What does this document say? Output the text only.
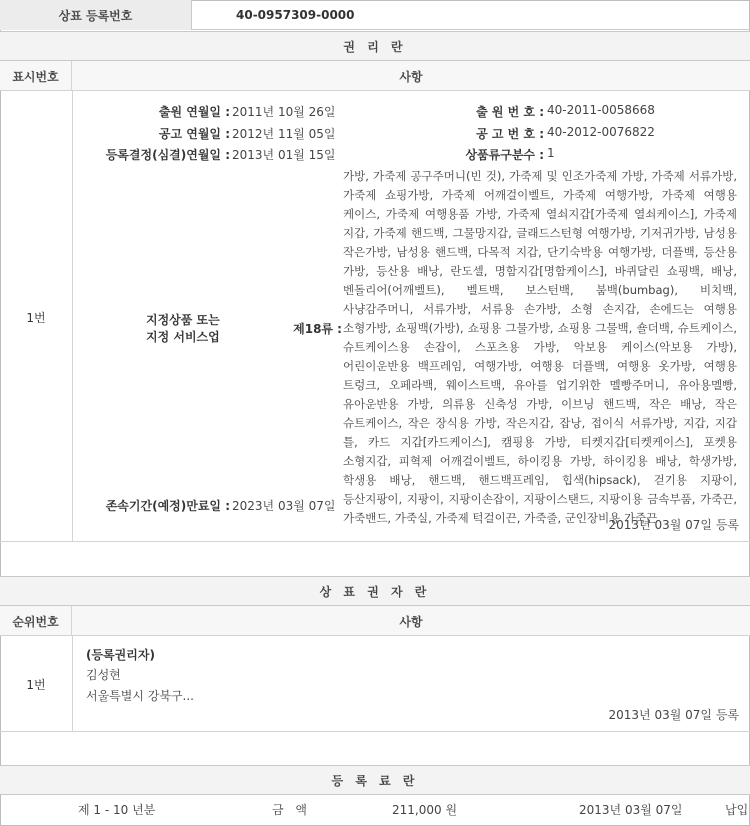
상표 등록번호	40-0957309-0000
권 리 란
표시번호	사항
1번
출원 연월일 : 2011년 10월 26일	출 원 번 호 : 40-2011-0058668
공고 연월일 : 2012년 11월 05일	공 고 번 호 : 40-2012-0076822
등록결정(심결)연월일 : 2013년 01월 15일	상품류구분수 : 1
지정상품 또는
지정 서비스업
제18류 :
가방, 가죽제 공구주머니(빈 것), 가죽제 및 인조가죽제 가방, 가죽제 서류가방, 가죽제 쇼핑가방, 가죽제 어깨걸이벨트, 가죽제 여행가방, 가죽제 여행용 케이스, 가죽제 여행용품 가방, 가죽제 열쇠지갑[가죽제 열쇠케이스], 가죽제 지갑, 가죽제 핸드백, 그물망지갑, 글래드스턴형 여행가방, 기저귀가방, 남성용 작은가방, 남성용 핸드백, 다목적 지갑, 단기숙박용 여행가방, 더플백, 등산용 가방, 등산용 배낭, 란도셀, 명함지갑[명함케이스], 바퀴달린 쇼핑백, 배낭, 벤돌리어(어깨벨트), 벨트백, 보스턴백, 붐백(bumbag), 비치백, 사냥감주머니, 서류가방, 서류용 손가방, 소형 손지갑, 손에드는 여행용 소형가방, 쇼핑백(가방), 쇼핑용 그물가방, 쇼핑용 그물백, 숄더백, 슈트케이스, 슈트케이스용 손잡이, 스포츠용 가방, 악보용 케이스(악보용 가방), 어린이운반용 백프레임, 여행가방, 여행용 더플백, 여행용 옷가방, 여행용 트렁크, 오페라백, 웨이스트백, 유아를 업기위한 멜빵주머니, 유아용멜빵, 유아운반용 가방, 의류용 신축성 가방, 이브닝 핸드백, 작은 배낭, 작은 슈트케이스, 작은 장식용 가방, 작은지갑, 잡낭, 접이식 서류가방, 지갑, 지갑 틀, 카드 지갑[카드케이스], 캠핑용 가방, 티켓지갑[티켓케이스], 포켓용 소형지갑, 피혁제 어깨걸이벨트, 하이킹용 가방, 하이킹용 배낭, 학생가방, 학생용 배낭, 핸드백, 핸드백프레임, 힙색(hipsack), 걷기용 지팡이, 등산지팡이, 지팡이, 지팡이손잡이, 지팡이스탠드, 지팡이용 금속부품, 가죽끈, 가죽밴드, 가죽실, 가죽제 턱걸이끈, 가죽줄, 군인장비용 가죽끈
존속기간(예정)만료일 : 2023년 03월 07일
2013년 03월 07일 등록
상 표 권 자 란
순위번호	사항
1번
(등록권리자)
김성현
서울특별시 강북구...
2013년 03월 07일 등록
등 록 료 란
제 1 - 10 년분	금 액	211,000 원	2013년 03월 07일	납입
